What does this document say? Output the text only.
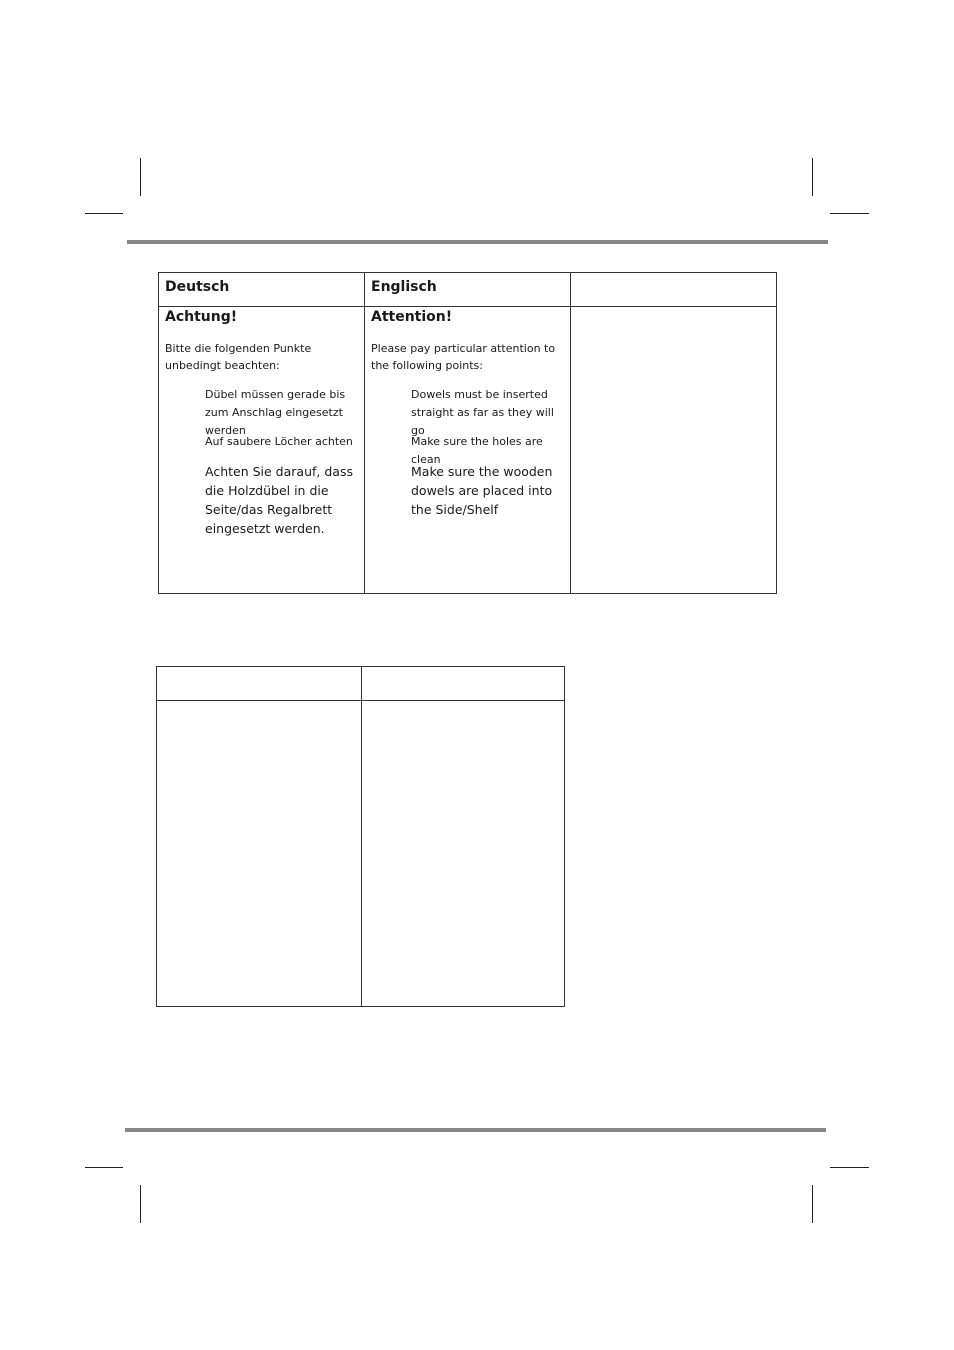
Deutsch	Englisch
Achtung!
Bitte die folgenden Punkte unbedingt beachten:
Dübel müssen gerade bis zum Anschlag eingesetzt werden
Auf saubere Löcher achten
Achten Sie darauf, dass die Holzdübel in die Seite/das Regalbrett eingesetzt werden.
Attention!
Please pay particular attention to the following points:
Dowels must be inserted straight as far as they will go
Make sure the holes are clean
Make sure the wooden dowels are placed into the Side/Shelf
